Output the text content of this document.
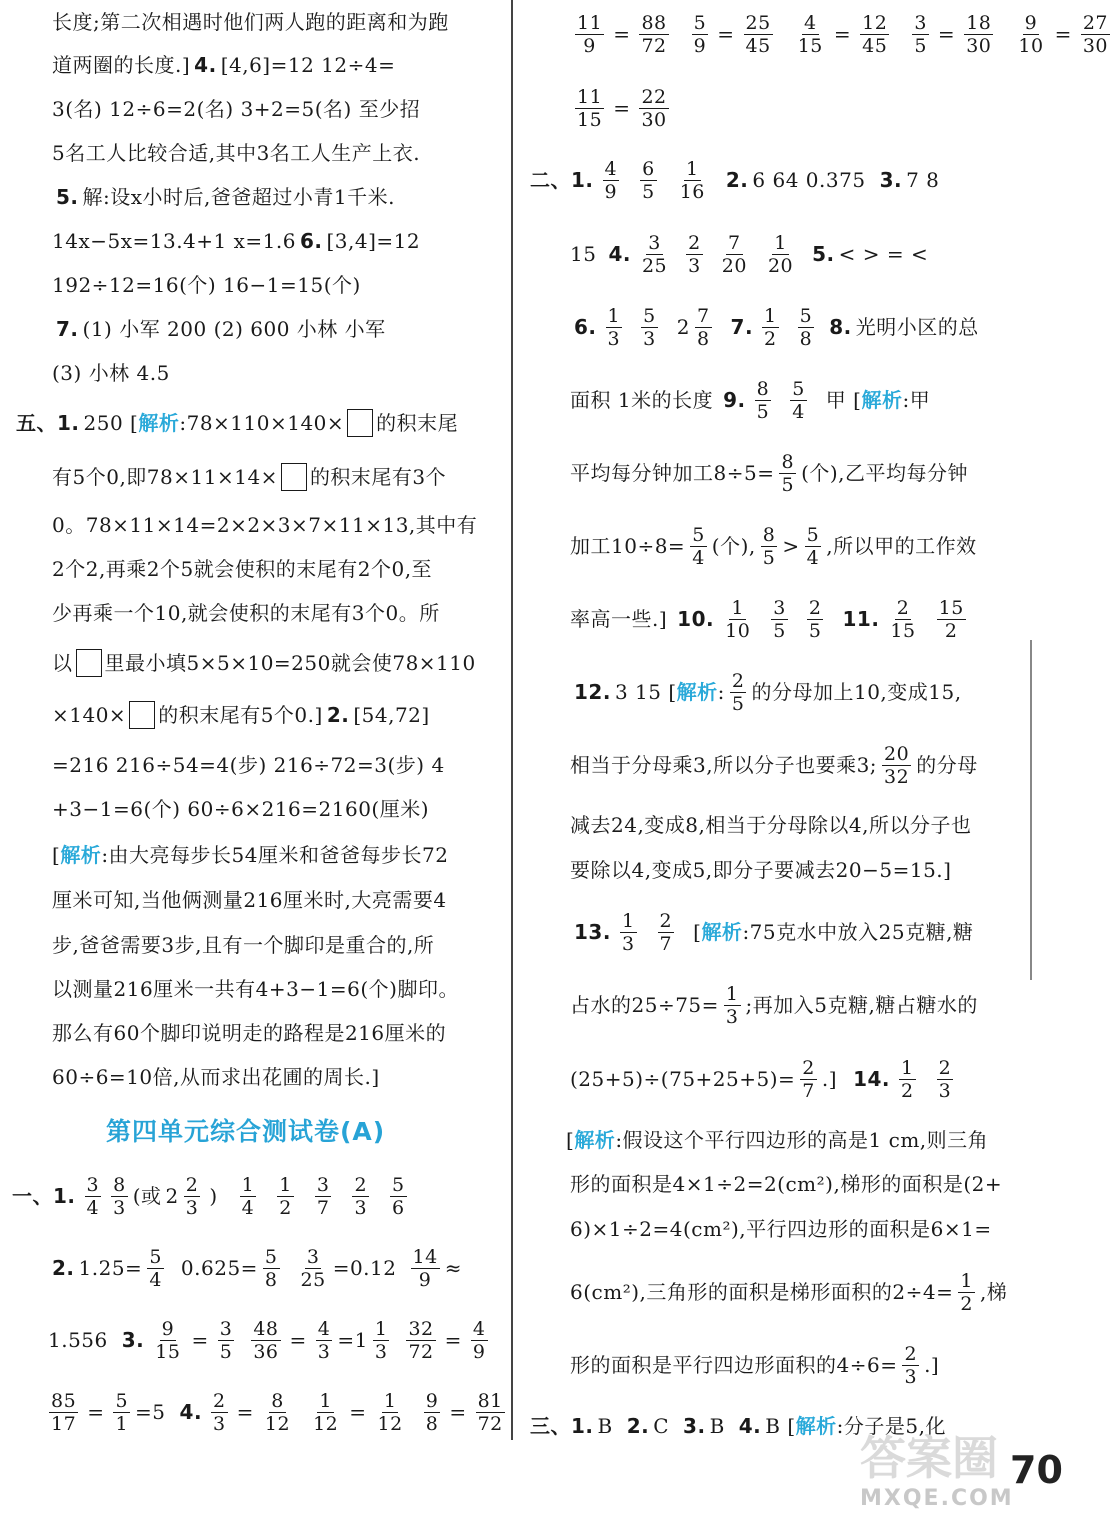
长度;第二次相遇时他们两人跑的距离和为跑
道两圈的长度.] 4. [4,6]=12 12÷4=
3(名) 12÷6=2(名) 3+2=5(名) 至少招
5名工人比较合适,其中3名工人生产上衣.
5. 解:设x小时后,爸爸超过小青1千米.
14x−5x=13.4+1 x=1.6 6. [3,4]=12
192÷12=16(个) 16−1=15(个)
7. (1) 小军 200 (2) 600 小林 小军
(3) 小林 4.5
五、1. 250 [ 解析 :78×110×140× 的积末尾
有5个0,即78×11×14× 的积末尾有3个
0。78×11×14=2×2×3×7×11×13,其中有
2个2,再乘2个5就会使积的末尾有2个0,至
少再乘一个10,就会使积的末尾有3个0。所
以 里最小填5×5×10=250就会使78×110
×140× 的积末尾有5个0.] 2. [54,72]
=216 216÷54=4(步) 216÷72=3(步) 4
+3−1=6(个) 60÷6×216=2160(厘米)
[ 解析 :由大亮每步长54厘米和爸爸每步长72
厘米可知,当他俩测量216厘米时,大亮需要4
步,爸爸需要3步,且有一个脚印是重合的,所
以测量216厘米一共有4+3−1=6(个)脚印。
那么有60个脚印说明走的路程是216厘米的
60÷6=10倍,从而求出花圃的周长.]
第四单元综合测试卷(A)
一、1. $\frac{3}{4} \frac{8}{3}$ (或 $2 \frac{2}{3}$ ) $\frac{1}{4} \frac{1}{2} \frac{3}{7} \frac{2}{3} \frac{5}{6}$
2. $1.25= \frac{5}{4} 0.625= \frac{5}{8} \frac{3}{25} =0.12 \frac{14}{9}$ ≈
1.556 3. $\frac{9}{15} = \frac{3}{5} \frac{48}{36} = \frac{4}{3} =1 \frac{1}{3} \frac{32}{72} = \frac{4}{9}$
$\frac{85}{17} = \frac{5}{1} =5$ 4. $\frac{2}{3} = \frac{8}{12} \frac{1}{12} = \frac{1}{12} \frac{9}{8} = \frac{81}{72}$
$\frac{11}{9} = \frac{88}{72} \frac{5}{9} = \frac{25}{45} \frac{4}{15} = \frac{12}{45} \frac{3}{5} = \frac{18}{30} \frac{9}{10} = \frac{27}{30}$
$\frac{11}{15} = \frac{22}{30}$
二、1. $\frac{4}{9} \frac{6}{5} \frac{1}{16} 2$. 6 64 0.375 3. 7 8
15 4. $\frac{3}{25} \frac{2}{3} \frac{7}{20} \frac{1}{20} 5$. < > = <
6. $\frac{1}{3} \frac{5}{3} 2 \frac{7}{8} 7$. $\frac{1}{2} \frac{5}{8} 8$. 光明小区的总
面积 1米的长度 9. $\frac{8}{5} \frac{5}{4}$ 甲 [ 解析 :甲
平均每分钟加工$8\div 5= \frac{8}{5}$ (个),乙平均每分钟
加工$10\div 8= \frac{5}{4}$ (个), $\frac{8}{5} > \frac{5}{4}$ ,所以甲的工作效
率高一些.] 10. $\frac{1}{10} \frac{3}{5} \frac{2}{5} 11$. $\frac{2}{15} \frac{15}{2}$
12. 3 15 [ 解析 : $\frac{2}{5}$ 的分母加上10,变成15,
相当于分母乘3,所以分子也要乘3; $\frac{20}{32}$ 的分母
减去24,变成8,相当于分母除以4,所以分子也
要除以4,变成5,即分子要减去20−5=15.]
13. $\frac{1}{3} \frac{2}{7}$ [ 解析 :75克水中放入25克糖,糖
占水的$25\div 75= \frac{1}{3}$ ;再加入5克糖,糖占糖水的
$(25+5)\div(75+25+5)= \frac{2}{7}$ .] 14. $\frac{1}{2} \frac{2}{3}$
[ 解析 :假设这个平行四边形的高是1 cm,则三角
形的面积是4×1÷2=2(cm²),梯形的面积是(2+
6)×1÷2=4(cm²),平行四边形的面积是6×1=
6(cm²),三角形的面积是梯形面积的$2\div 4= \frac{1}{2}$ ,梯
形的面积是平行四边形面积的$4\div 6= \frac{2}{3}$ .]
三、1. B 2. C 3. B 4. B [ 解析 :分子是5,化
答案圈
MXQE.COM
70
